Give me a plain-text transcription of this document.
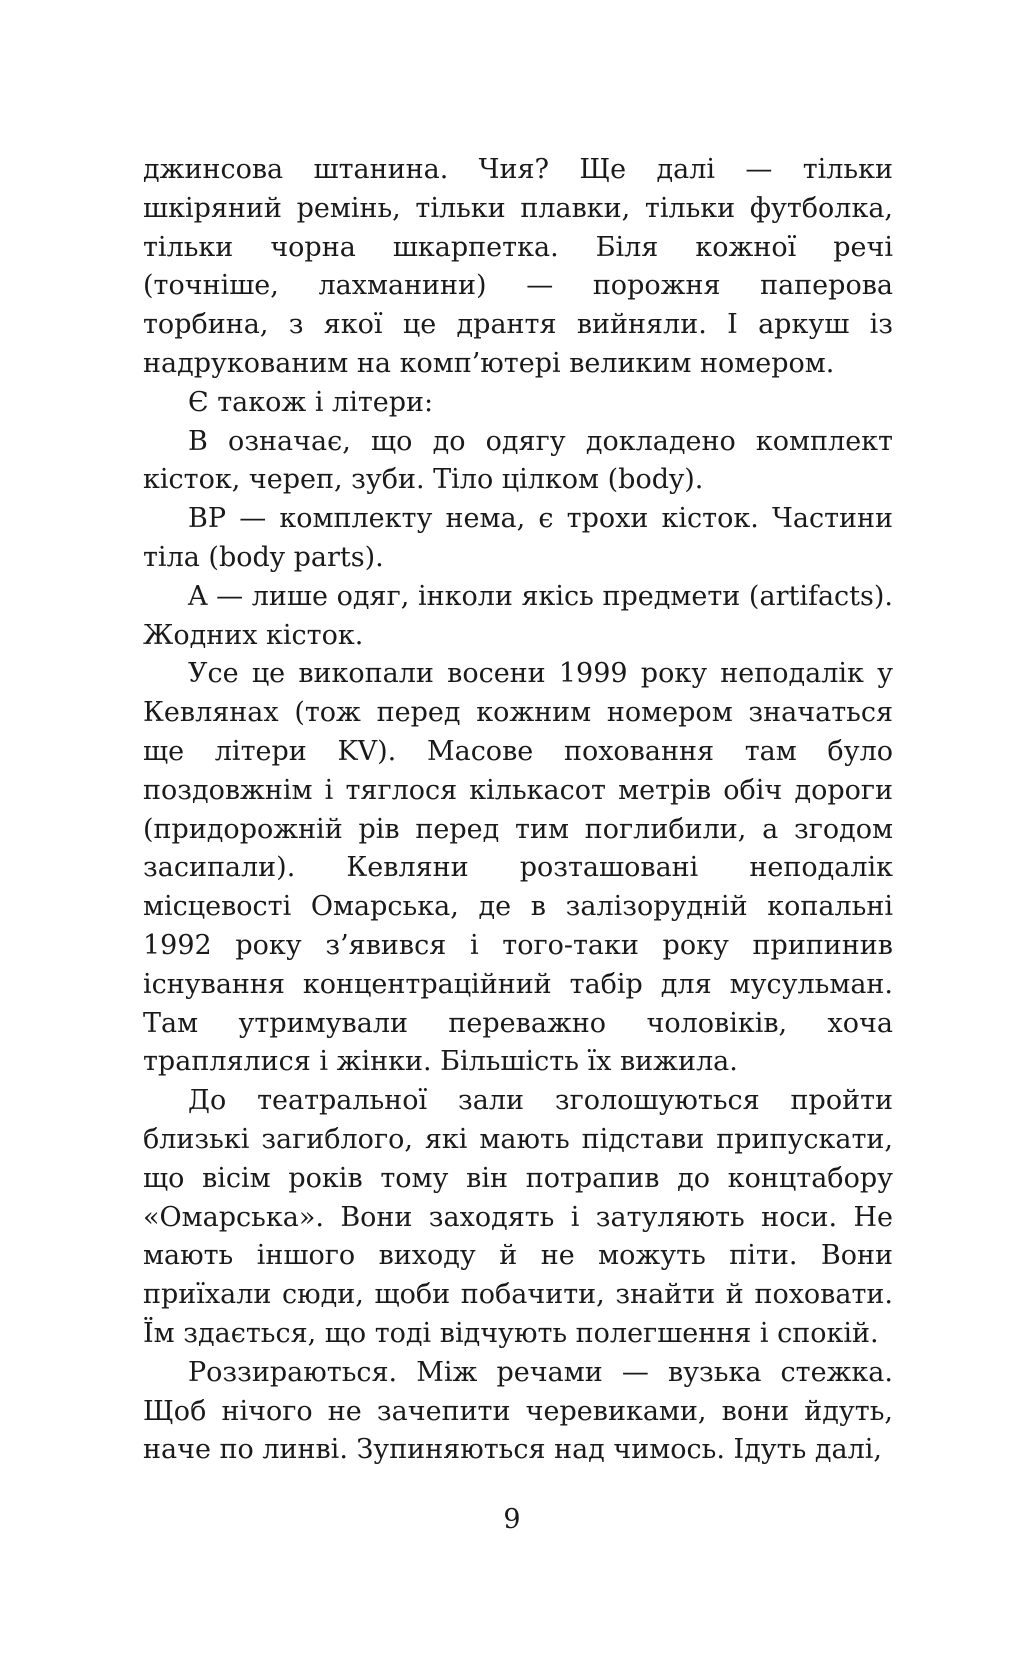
джинсова штанина. Чия? Ще далі — тільки шкіряний ремінь, тільки плавки, тільки футболка, тільки чорна шкарпетка. Біля кожної речі (точніше, лахманини) — порожня паперова торбина, з якої це дрантя вийняли. І аркуш із надрукованим на комп’ютері великим номером.

Є також і літери:

B означає, що до одягу докладено комплект кісток, череп, зуби. Тіло цілком (body).

BP — комплекту нема, є трохи кісток. Частини тіла (body parts).

A — лише одяг, інколи якісь предмети (artifacts). Жодних кісток.

Усе це викопали восени 1999 року неподалік у Кевлянах (тож перед кожним номером значаться ще літери KV). Масове поховання там було поздовжнім і тяглося кількасот метрів обіч дороги (придорожній рів перед тим поглибили, а згодом засипали). Кевляни розташовані неподалік місцевості Омарська, де в залізорудній копальні 1992 року з’явився і того-таки року припинив існування концентраційний табір для мусульман. Там утримували переважно чоловіків, хоча траплялися і жінки. Більшість їх вижила.

До театральної зали зголошуються пройти близькі загиблого, які мають підстави припускати, що вісім років тому він потрапив до концтабору «Омарська». Вони заходять і затуляють носи. Не мають іншого виходу й не можуть піти. Вони приїхали сюди, щоби побачити, знайти й поховати. Їм здається, що тоді відчують полегшення і спокій.

Роззираються. Між речами — вузька стежка. Щоб нічого не зачепити черевиками, вони йдуть, наче по линві. Зупиняються над чимось. Ідуть далі,

9
